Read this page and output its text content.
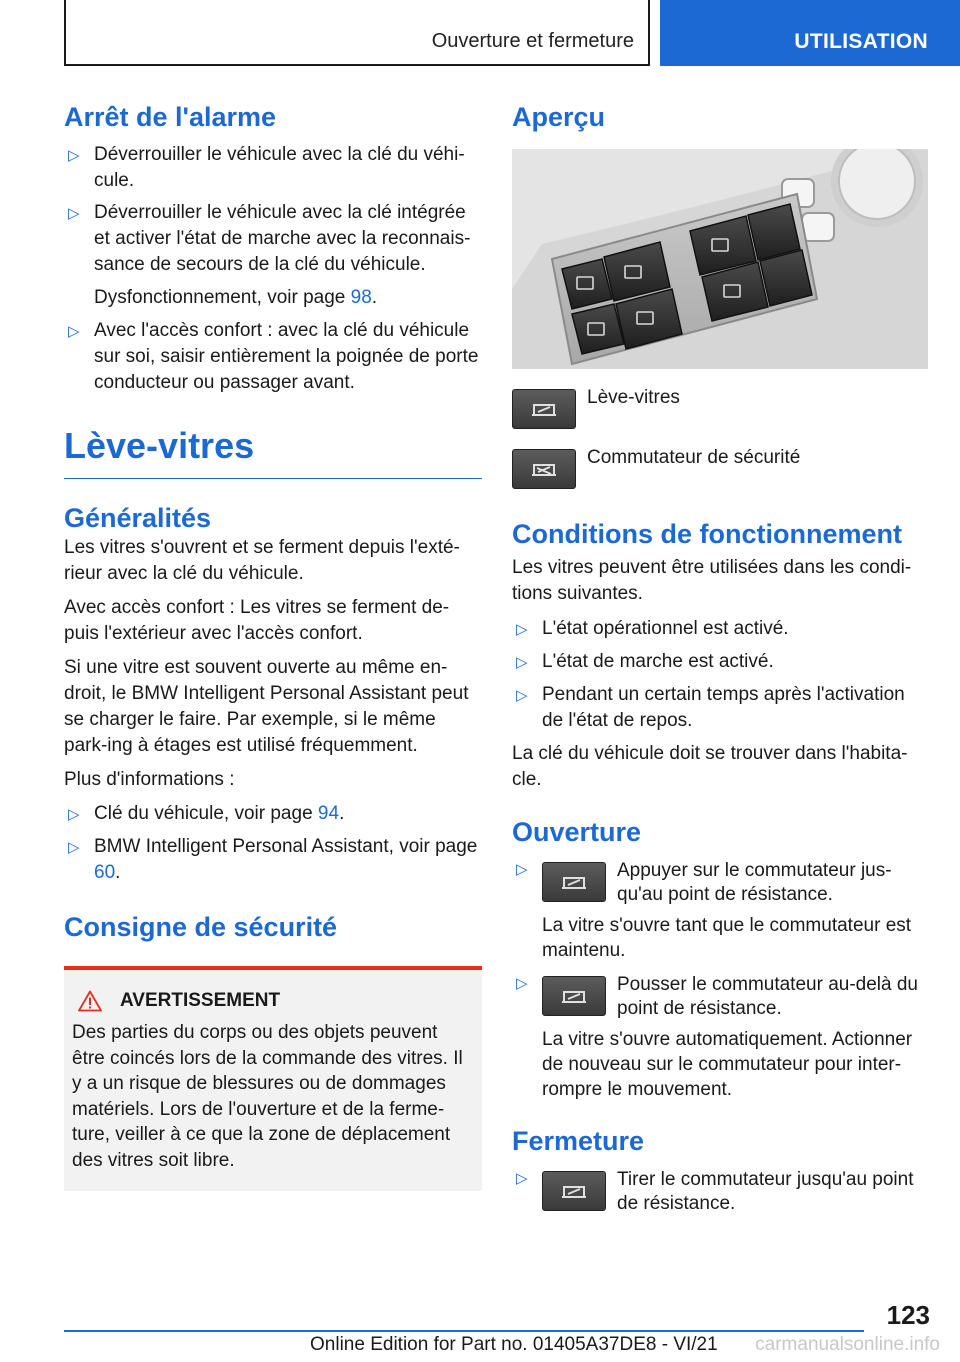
Ouverture et fermeture	UTILISATION
Arrêt de l'alarme
▷ Déverrouiller le véhicule avec la clé du véhi-cule.
▷ Déverrouiller le véhicule avec la clé intégrée et activer l'état de marche avec la reconnais-sance de secours de la clé du véhicule.
Dysfonctionnement, voir page 98.
▷ Avec l'accès confort : avec la clé du véhicule sur soi, saisir entièrement la poignée de porte conducteur ou passager avant.
Lève-vitres
Généralités

Les vitres s'ouvrent et se ferment depuis l'exté-rieur avec la clé du véhicule.

Avec accès confort : Les vitres se ferment de-puis l'extérieur avec l'accès confort.

Si une vitre est souvent ouverte au même en-droit, le BMW Intelligent Personal Assistant peut se charger le faire. Par exemple, si le même park-ing à étages est utilisé fréquemment.

Plus d'informations :

▷ Clé du véhicule, voir page 94.
▷ BMW Intelligent Personal Assistant, voir page 60.
Consigne de sécurité
AVERTISSEMENT

Des parties du corps ou des objets peuvent être coincés lors de la commande des vitres. Il y a un risque de blessures ou de dommages matériels. Lors de l'ouverture et de la ferme-ture, veiller à ce que la zone de déplacement des vitres soit libre.

Aperçu
Lève-vitres
Commutateur de sécurité
Conditions de fonctionnement

Les vitres peuvent être utilisées dans les condi-tions suivantes.

▷ L'état opérationnel est activé.
▷ L'état de marche est activé.
▷ Pendant un certain temps après l'activation de l'état de repos.

La clé du véhicule doit se trouver dans l'habita-cle.

Ouverture
▷	Appuyer sur le commutateur jus-qu'au point de résistance.
La vitre s'ouvre tant que le commutateur est maintenu.
▷	Pousser le commutateur au-delà du point de résistance.
La vitre s'ouvre automatiquement. Actionner de nouveau sur le commutateur pour inter-rompre le mouvement.
Fermeture
▷	Tirer le commutateur jusqu'au point de résistance.
123
Online Edition for Part no. 01405A37DE8 - VI/21 carmanualsonline.info
